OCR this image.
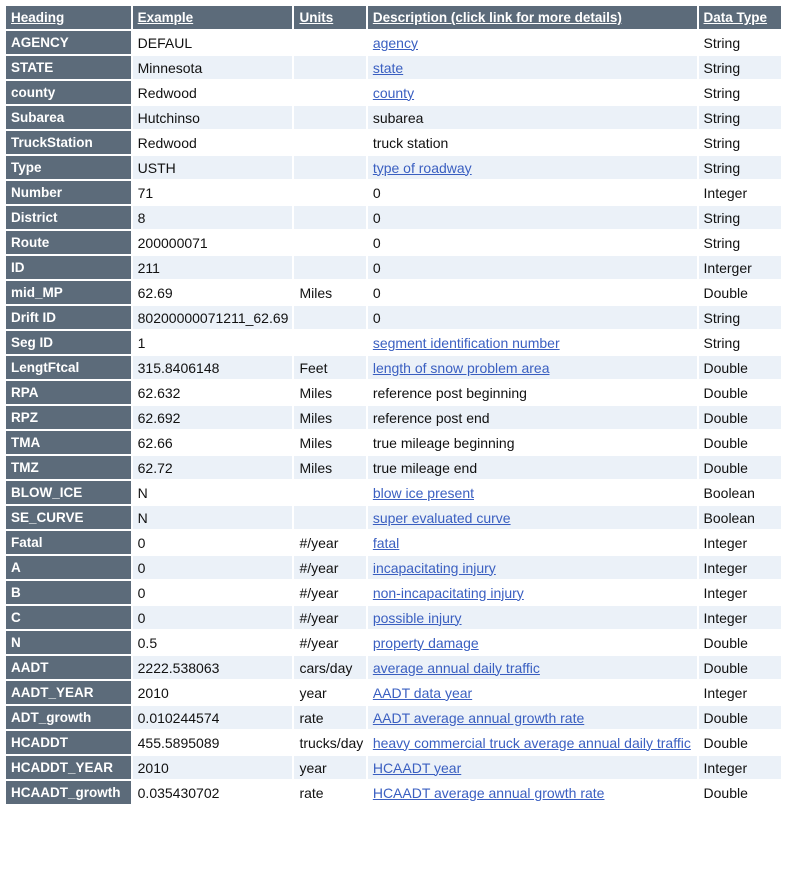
Heading	Example	Units	Description (click link for more details)	Data Type
AGENCY	DEFAUL		agency	String
STATE	Minnesota		state	String
county	Redwood		county	String
Subarea	Hutchinso		subarea	String
TruckStation	Redwood		truck station	String
Type	USTH		type of roadway	String
Number	71		0	Integer
District	8		0	String
Route	200000071		0	String
ID	211		0	Interger
mid_MP	62.69	Miles	0	Double
Drift ID	80200000071211_62.69		0	String
Seg ID	1		segment identification number	String
LengtFtcal	315.8406148	Feet	length of snow problem area	Double
RPA	62.632	Miles	reference post beginning	Double
RPZ	62.692	Miles	reference post end	Double
TMA	62.66	Miles	true mileage beginning	Double
TMZ	62.72	Miles	true mileage end	Double
BLOW_ICE	N		blow ice present	Boolean
SE_CURVE	N		super evaluated curve	Boolean
Fatal	0	#/year	fatal	Integer
A	0	#/year	incapacitating injury	Integer
B	0	#/year	non-incapacitating injury	Integer
C	0	#/year	possible injury	Integer
N	0.5	#/year	property damage	Double
AADT	2222.538063	cars/day	average annual daily traffic	Double
AADT_YEAR	2010	year	AADT data year	Integer
ADT_growth	0.010244574	rate	AADT average annual growth rate	Double
HCADDT	455.5895089	trucks/day	heavy commercial truck average annual daily traffic	Double
HCADDT_YEAR	2010	year	HCAADT year	Integer
HCAADT_growth	0.035430702	rate	HCAADT average annual growth rate	Double
